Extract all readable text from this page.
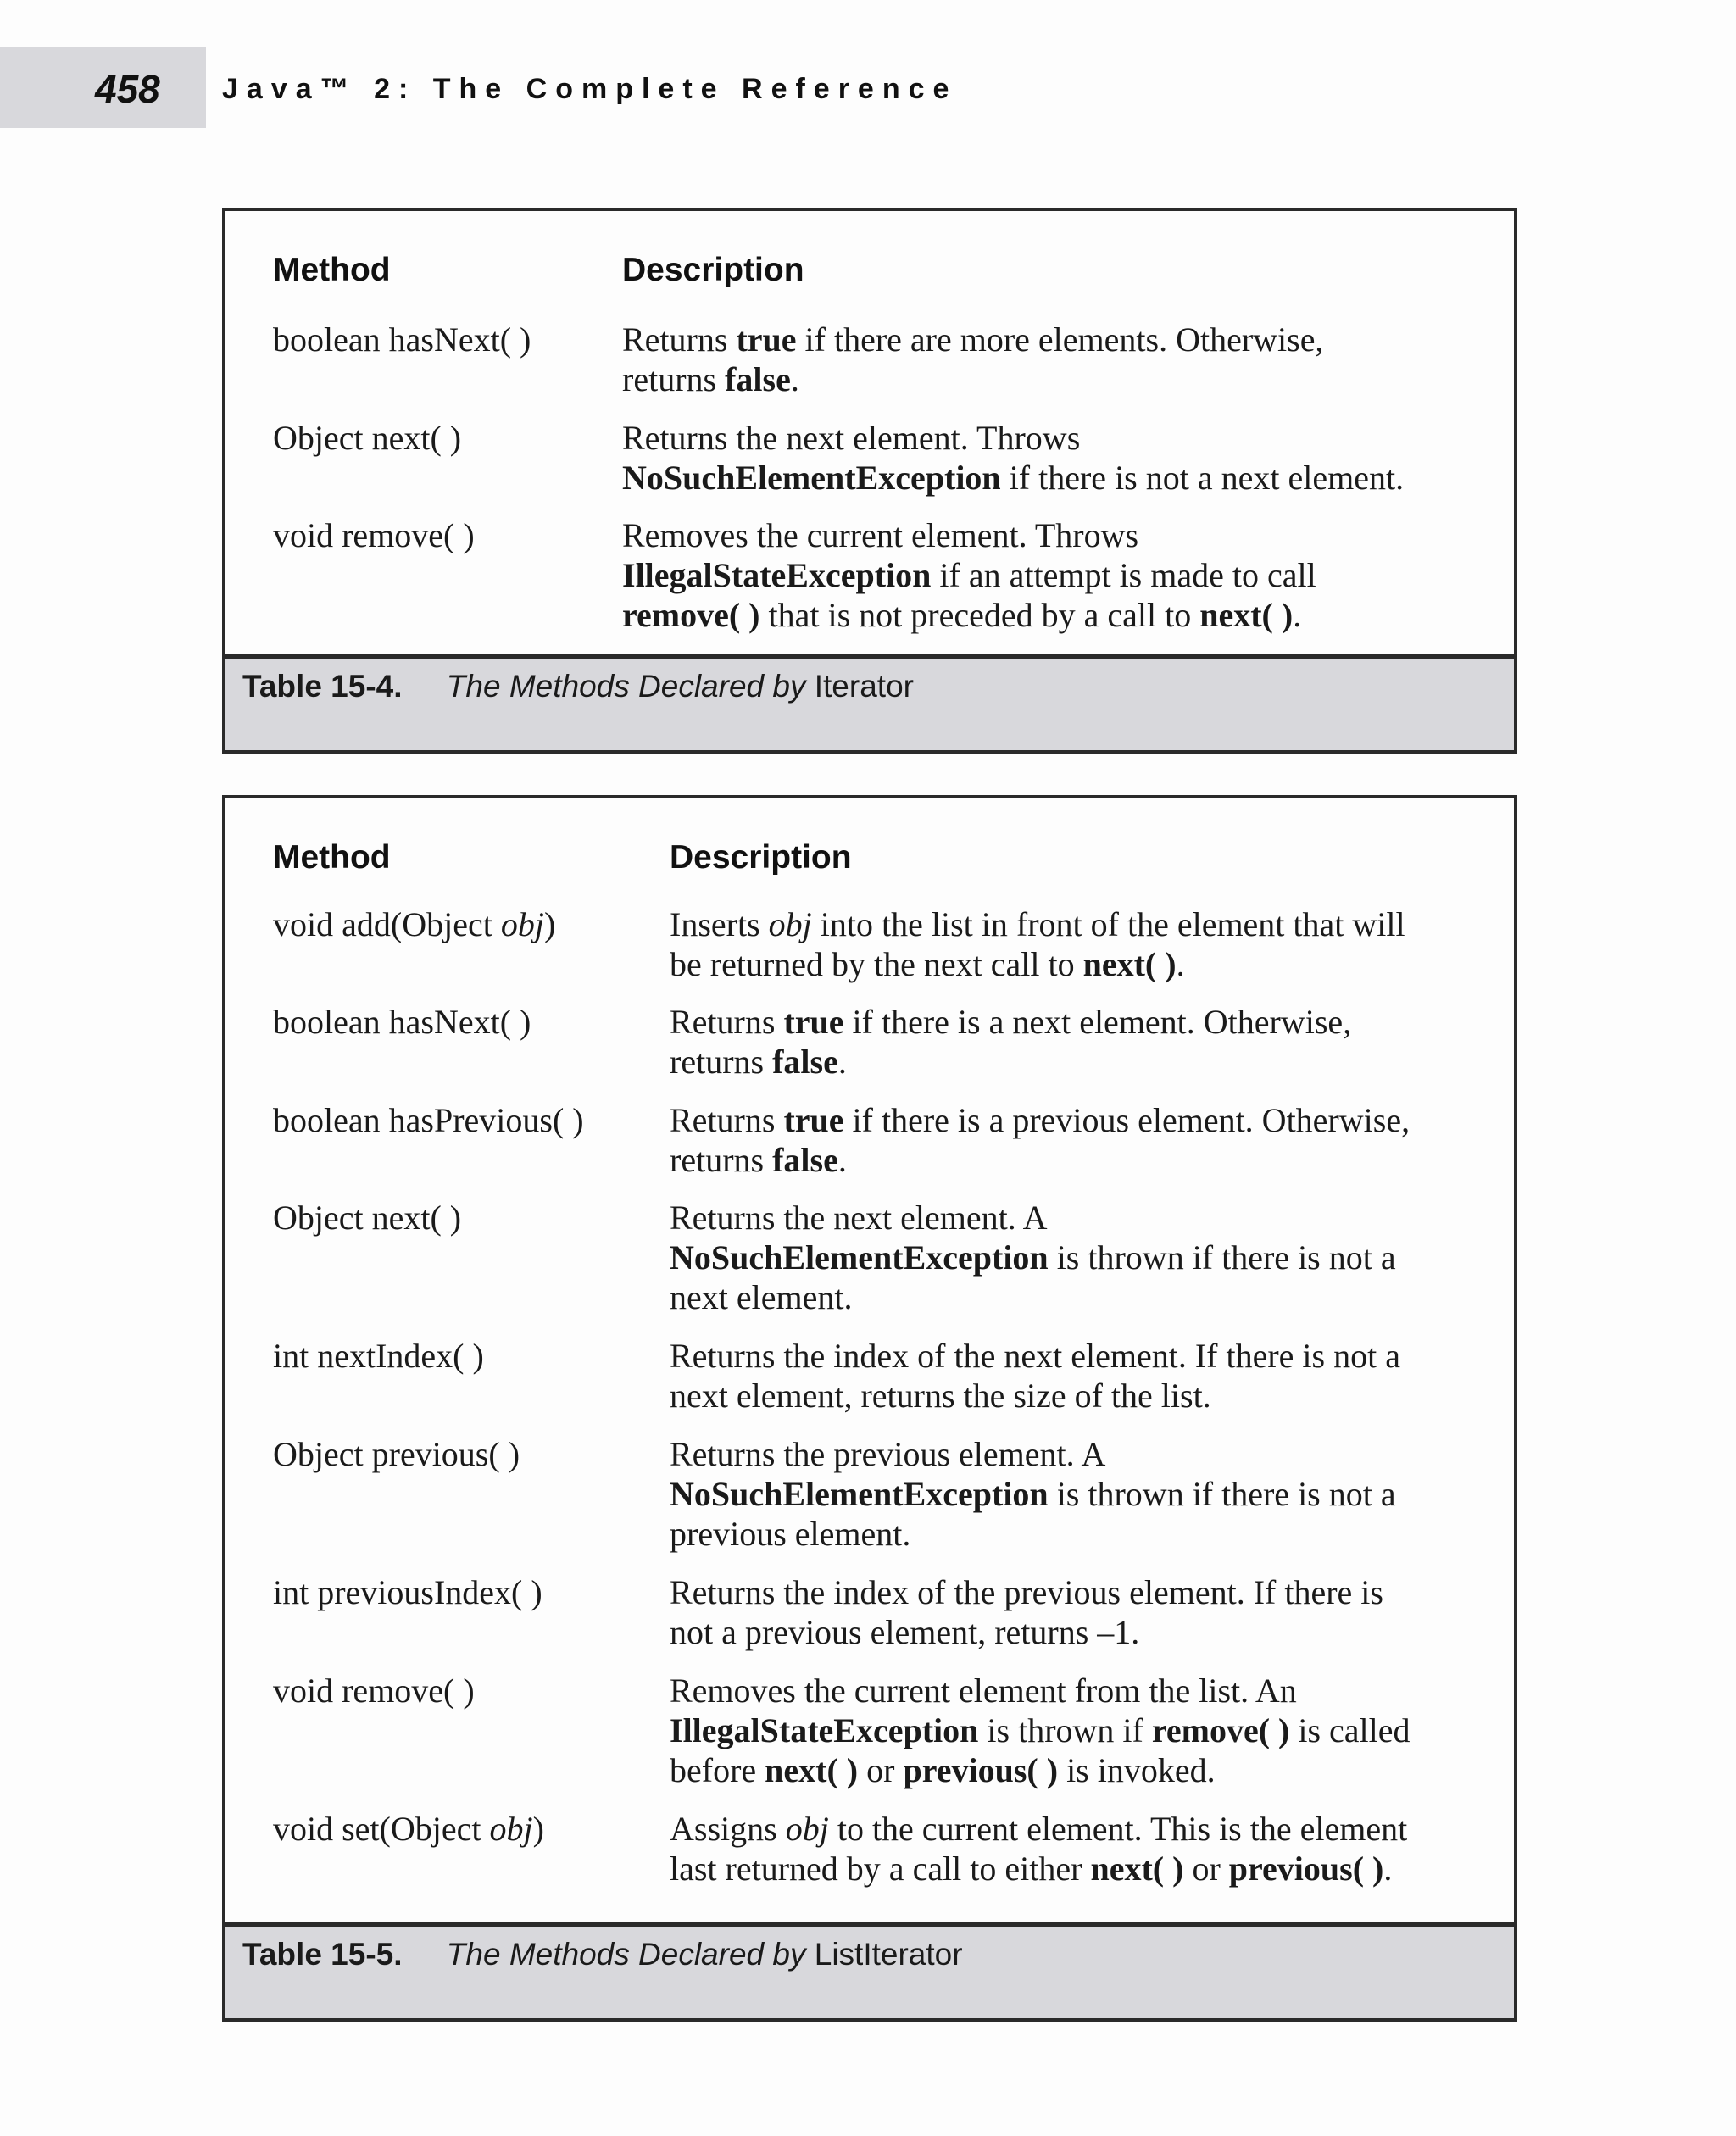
458 Java™ 2: The Complete Reference
Method	Description
boolean hasNext( )	Returns true if there are more elements. Otherwise,
returns false.
Object next( )	Returns the next element. Throws
NoSuchElementException if there is not a next element.
void remove( )	Removes the current element. Throws
IllegalStateException if an attempt is made to call
remove( ) that is not preceded by a call to next( ).
Table 15-4. The Methods Declared by Iterator
Method	Description
void add(Object obj)	Inserts obj into the list in front of the element that will
be returned by the next call to next( ).
boolean hasNext( )	Returns true if there is a next element. Otherwise,
returns false.
boolean hasPrevious( )	Returns true if there is a previous element. Otherwise,
returns false.
Object next( )	Returns the next element. A
NoSuchElementException is thrown if there is not a
next element.
int nextIndex( )	Returns the index of the next element. If there is not a
next element, returns the size of the list.
Object previous( )	Returns the previous element. A
NoSuchElementException is thrown if there is not a
previous element.
int previousIndex( )	Returns the index of the previous element. If there is
not a previous element, returns –1.
void remove( )	Removes the current element from the list. An
IllegalStateException is thrown if remove( ) is called
before next( ) or previous( ) is invoked.
void set(Object obj)	Assigns obj to the current element. This is the element
last returned by a call to either next( ) or previous( ).
Table 15-5. The Methods Declared by ListIterator
